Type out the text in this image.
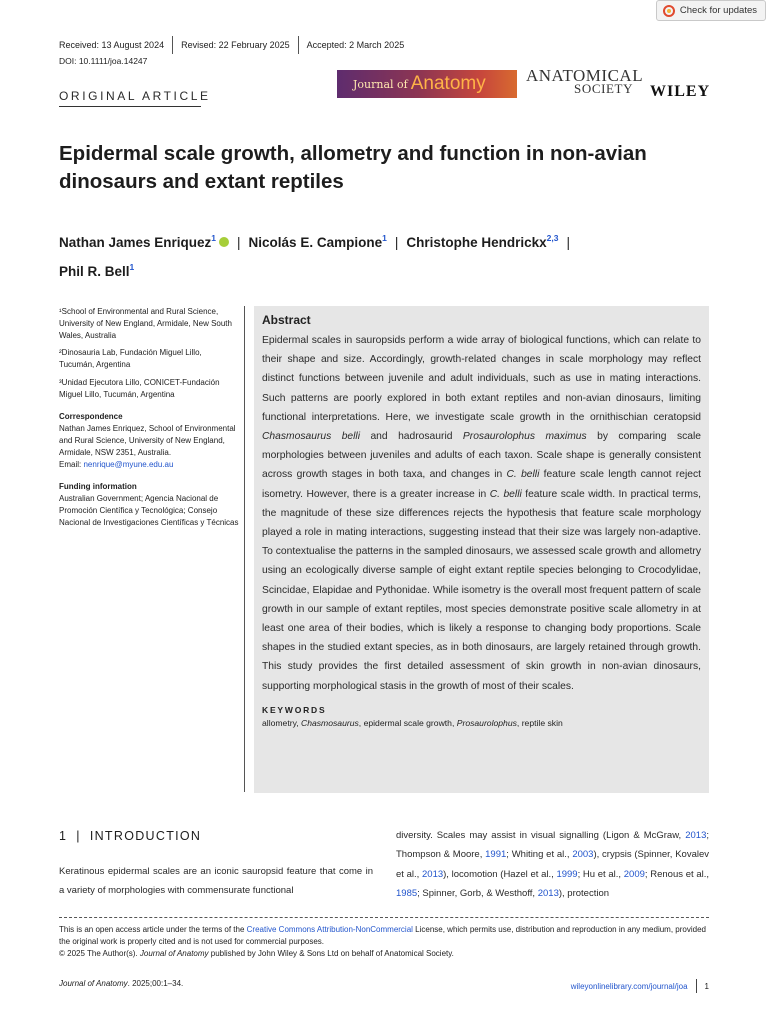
Check for updates
Received: 13 August 2024 Revised: 22 February 2025 Accepted: 2 March 2025
DOI: 10.1111/joa.14247
ORIGINAL ARTICLE
Journal of Anatomy ANATOMICAL
SOCIETY	WILEY
Epidermal scale growth, allometry and function in non-avian dinosaurs and extant reptiles
Nathan James Enriquez$^1$ | Nicolás E. Campione$^1$ | Christophe Hendrickx$^{2,3}$ |
Phil R. Bell$^1$

¹School of Environmental and Rural Science, University of New England, Armidale, New South Wales, Australia

²Dinosauria Lab, Fundación Miguel Lillo, Tucumán, Argentina

³Unidad Ejecutora Lillo, CONICET-Fundación Miguel Lillo, Tucumán, Argentina

Correspondence
Nathan James Enriquez, School of Environmental and Rural Science, University of New England, Armidale, NSW 2351, Australia.

Email: nenrique@myune.edu.au

Funding information
Australian Government; Agencia Nacional de Promoción Científica y Tecnológica; Consejo Nacional de Investigaciones Científicas y Técnicas
Abstract

Epidermal scales in sauropsids perform a wide array of biological functions, which can relate to their shape and size. Accordingly, growth-related changes in scale morphology may reflect distinct functions between juvenile and adult individuals, such as use in mating interactions. Such patterns are poorly explored in both extant reptiles and non-avian dinosaurs, limiting functional interpretations. Here, we investigate scale growth in the ornithischian ceratopsid Chasmosaurus belli and hadrosaurid Prosaurolophus maximus by comparing scale morphologies between juveniles and adults of each taxon. Scale shape is generally consistent across growth stages in both taxa, and changes in C. belli feature scale length cannot reject isometry. However, there is a greater increase in C. belli feature scale width. In practical terms, the magnitude of these size differences rejects the hypothesis that feature scale morphology played a role in mating interactions, suggesting instead that their size was largely non-adaptive. To contextualise the patterns in the sampled dinosaurs, we assessed scale growth and allometry using an ecologically diverse sample of eight extant reptile species belonging to Crocodylidae, Scincidae, Elapidae and Pythonidae. While isometry is the overall most frequent pattern of scale growth in our sample of extant reptiles, most species demonstrate positive scale allometry in at least one area of their bodies, which is likely a response to changing body proportions. Scale shapes in the studied extant species, as in both dinosaurs, are largely retained through growth. This study provides the first detailed assessment of skin growth in non-avian dinosaurs, supporting morphological stasis in the growth of most of their scales.

KEYWORDS
allometry, Chasmosaurus, epidermal scale growth, Prosaurolophus, reptile skin
1 | INTRODUCTION

Keratinous epidermal scales are an iconic sauropsid feature that come in a variety of morphologies with commensurate functional

diversity. Scales may assist in visual signalling (Ligon & McGraw, 2013; Thompson & Moore, 1991; Whiting et al., 2003), crypsis (Spinner, Kovalev et al., 2013), locomotion (Hazel et al., 1999; Hu et al., 2009; Renous et al., 1985; Spinner, Gorb, & Westhoff, 2013), protection

This is an open access article under the terms of the Creative Commons Attribution-NonCommercial License, which permits use, distribution and reproduction in any medium, provided the original work is properly cited and is not used for commercial purposes.
© 2025 The Author(s). Journal of Anatomy published by John Wiley & Sons Ltd on behalf of Anatomical Society.
Journal of Anatomy. 2025;00:1–34.	wileyonlinelibrary.com/journal/joa 1
